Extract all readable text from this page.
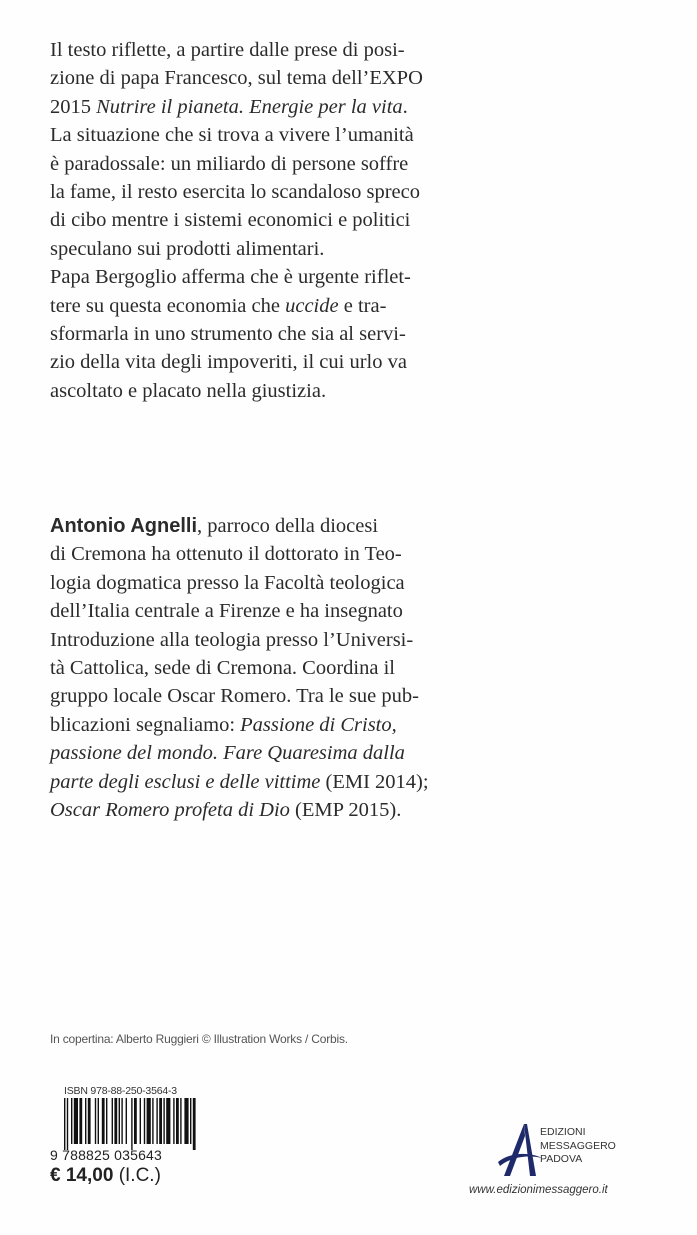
Il testo riflette, a partire dalle prese di posi-
zione di papa Francesco, sul tema dell’EXPO
2015 Nutrire il pianeta. Energie per la vita.
La situazione che si trova a vivere l’umanità
è paradossale: un miliardo di persone soffre
la fame, il resto esercita lo scandaloso spreco
di cibo mentre i sistemi economici e politici
speculano sui prodotti alimentari.
Papa Bergoglio afferma che è urgente riflet-
tere su questa economia che uccide e tra-
sformarla in uno strumento che sia al servi-
zio della vita degli impoveriti, il cui urlo va
ascoltato e placato nella giustizia.
Antonio Agnelli, parroco della diocesi
di Cremona ha ottenuto il dottorato in Teo-
logia dogmatica presso la Facoltà teologica
dell’Italia centrale a Firenze e ha insegnato
Introduzione alla teologia presso l’Universi-
tà Cattolica, sede di Cremona. Coordina il
gruppo locale Oscar Romero. Tra le sue pub-
blicazioni segnaliamo: Passione di Cristo,
passione del mondo. Fare Quaresima dalla
parte degli esclusi e delle vittime (EMI 2014);
Oscar Romero profeta di Dio (EMP 2015).
In copertina: Alberto Ruggieri © Illustration Works / Corbis.
ISBN 978-88-250-3564-3
9 788825 035643
€ 14,00 (I.C.)
EDIZIONI
MESSAGGERO
PADOVA
www.edizionimessaggero.it
